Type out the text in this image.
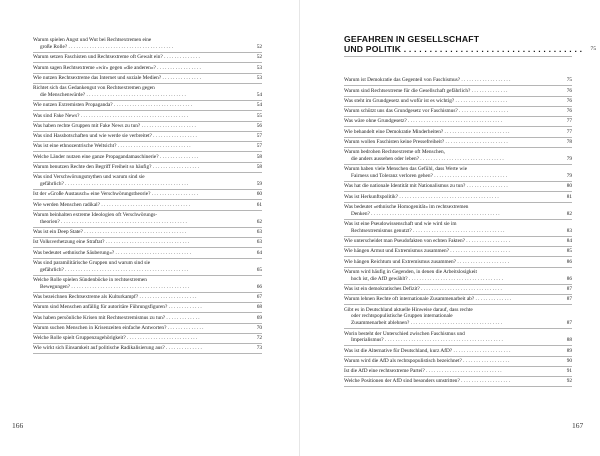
Warum spielen Angst und Wut bei Rechtsextremen eine
große Rolle? . . . . . . . . . . . . . . . . . . . . . . . . . . . . . . . . . . . . . . . .	52
Warum setzen Faschisten und Rechtsextreme oft Gewalt ein? . . . . . . . . . . . . . .	52
Warum sagen Rechtsextreme »wir« gegen »die anderen«? . . . . . . . . . . . . . . . . .	53
Wie nutzen Rechtsextreme das Internet und soziale Medien? . . . . . . . . . . . . . . .	53
Richtet sich das Gedankengut von Rechtsextremen gegen
die Menschenwürde? . . . . . . . . . . . . . . . . . . . . . . . . . . . . . . . . . . . . . .	54
Wie nutzen Extremisten Propaganda? . . . . . . . . . . . . . . . . . . . . . . . . . . . . . .	54
Was sind Fake News? . . . . . . . . . . . . . . . . . . . . . . . . . . . . . . . . . . . . . . . . .	55
Was haben rechte Gruppen mit Fake News zu tun? . . . . . . . . . . . . . . . . . . . . .	56
Was sind Hassbotschaften und wie werde sie verbreitet? . . . . . . . . . . . . . . . . .	57
Was ist eine ethnozentrische Weltsicht? . . . . . . . . . . . . . . . . . . . . . . . . . . . .	57
Welche Länder nutzen eine ganze Propagandamaschinerie? . . . . . . . . . . . . . . .	58
Warum benutzen Rechte den Begriff Freiheit so häufig? . . . . . . . . . . . . . . . . . .	58
Was sind Verschwörungsmythen und warum sind sie
gefährlich? . . . . . . . . . . . . . . . . . . . . . . . . . . . . . . . . . . . . . . . . . . . . . . .	59
Ist der »Große Austausch« eine Verschwörungstheorie? . . . . . . . . . . . . . . . . . .	60
Wie werden Menschen radikal? . . . . . . . . . . . . . . . . . . . . . . . . . . . . . . . . . .	61
Warum beinhalten extreme Ideologien oft Verschwörungs-
theorien? . . . . . . . . . . . . . . . . . . . . . . . . . . . . . . . . . . . . . . . . . . . . . . . .	62
Was ist ein Deep State? . . . . . . . . . . . . . . . . . . . . . . . . . . . . . . . . . . . . . . .	63
Ist Volksverhetzung eine Straftat? . . . . . . . . . . . . . . . . . . . . . . . . . . . . . . . .	63
Was bedeutet »ethnische Säuberung«? . . . . . . . . . . . . . . . . . . . . . . . . . . . . .	64
Was sind paramilitärische Gruppen und warum sind sie
gefährlich? . . . . . . . . . . . . . . . . . . . . . . . . . . . . . . . . . . . . . . . . . . . . . . .	65
Welche Rolle spielen Sündenböcke in rechtsextremen
Bewegungen? . . . . . . . . . . . . . . . . . . . . . . . . . . . . . . . . . . . . . . . . . . . . .	66
Was bezeichnen Rechtsextreme als Kulturkampf? . . . . . . . . . . . . . . . . . . . . . .	67
Warum sind Menschen anfällig für autoritäre Führungsfiguren? . . . . . . . . . . . . .	68
Was haben persönliche Krisen mit Rechtsextremismus zu tun? . . . . . . . . . . . . .	69
Warum suchen Menschen in Krisenzeiten einfache Antworten? . . . . . . . . . . . . . .	70
Welche Rolle spielt Gruppenzugehörigkeit? . . . . . . . . . . . . . . . . . . . . . . . . . . .	72
Wie wirkt sich Einsamkeit auf politische Radikalisierung aus? . . . . . . . . . . . . . .	73
166
GEFAHREN IN GESELLSCHAFT
UND POLITIK . . . . . . . . . . . . . . . . . . . . . . . . . . . . . . . . . . .	75
Warum ist Demokratie das Gegenteil von Faschismus? . . . . . . . . . . . . . . . . . . .	75
Warum sind Rechtsextreme für die Gesellschaft gefährlich? . . . . . . . . . . . . . .	76
Was steht im Grundgesetz und wofür ist es wichtig? . . . . . . . . . . . . . . . . . . . .	76
Warum schützt uns das Grundgesetz vor Faschismus? . . . . . . . . . . . . . . . . . . .	76
Was wäre ohne Grundgesetz? . . . . . . . . . . . . . . . . . . . . . . . . . . . . . . . . . . . .	77
Wie behandelt eine Demokratie Minderheiten? . . . . . . . . . . . . . . . . . . . . . . . . .	77
Warum wollen Faschisten keine Pressefreiheit? . . . . . . . . . . . . . . . . . . . . . . . .	78
Warum bedrohen Rechtsextreme oft Menschen,
die anders aussehen oder leben? . . . . . . . . . . . . . . . . . . . . . . . . . . . . . . . .	79
Warum haben viele Menschen das Gefühl, dass Werte wie
Fairness und Toleranz verloren gehen? . . . . . . . . . . . . . . . . . . . . . . . . . . . .	79
Was hat die nationale Identität mit Nationalismus zu tun? . . . . . . . . . . . . . . . .	80
Was ist Herkunftspolitik? . . . . . . . . . . . . . . . . . . . . . . . . . . . . . . . . . . . . . .	81
Was bedeutet »ethnische Homogenität« im rechtsextremen
Denken? . . . . . . . . . . . . . . . . . . . . . . . . . . . . . . . . . . . . . . . . . . . . . . . . .	82
Was ist eine Pseudowissenschaft und wie wird sie im
Rechtsextremismus genutzt? . . . . . . . . . . . . . . . . . . . . . . . . . . . . . . . . . . .	83
Wie unterscheidet man Pseudofakten von echten Fakten? . . . . . . . . . . . . . . . . .	84
Wie hängen Armut und Extremismus zusammen? . . . . . . . . . . . . . . . . . . . . . . .	85
Wie hängen Reichtum und Extremismus zusammen? . . . . . . . . . . . . . . . . . . . .	86
Warum wird häufig in Gegenden, in denen die Arbeitslosigkeit
hoch ist, die AfD gewählt? . . . . . . . . . . . . . . . . . . . . . . . . . . . . . . . . . . . .	86
Was ist ein demokratisches Defizit? . . . . . . . . . . . . . . . . . . . . . . . . . . . . . . .	87
Warum lehnen Rechte oft internationale Zusammenarbeit ab? . . . . . . . . . . . . . .	87
Gibt es in Deutschland aktuelle Hinweise darauf, dass rechte
oder rechtspopulistische Gruppen internationale
Zusammenarbeit ablehnen? . . . . . . . . . . . . . . . . . . . . . . . . . . . . . . . . . . .	87
Worin besteht der Unterschied zwischen Faschismus und
Imperialismus? . . . . . . . . . . . . . . . . . . . . . . . . . . . . . . . . . . . . . . . . . . . . .	88
Was ist die Alternative für Deutschland, kurz AfD? . . . . . . . . . . . . . . . . . . . . . .	89
Warum wird die AfD als rechtspopulistisch bezeichnet? . . . . . . . . . . . . . . . . . .	90
Ist die AfD eine rechtsextreme Partei? . . . . . . . . . . . . . . . . . . . . . . . . . . . . .	91
Welche Positionen der AfD sind besonders umstritten? . . . . . . . . . . . . . . . . . . .	92
167
